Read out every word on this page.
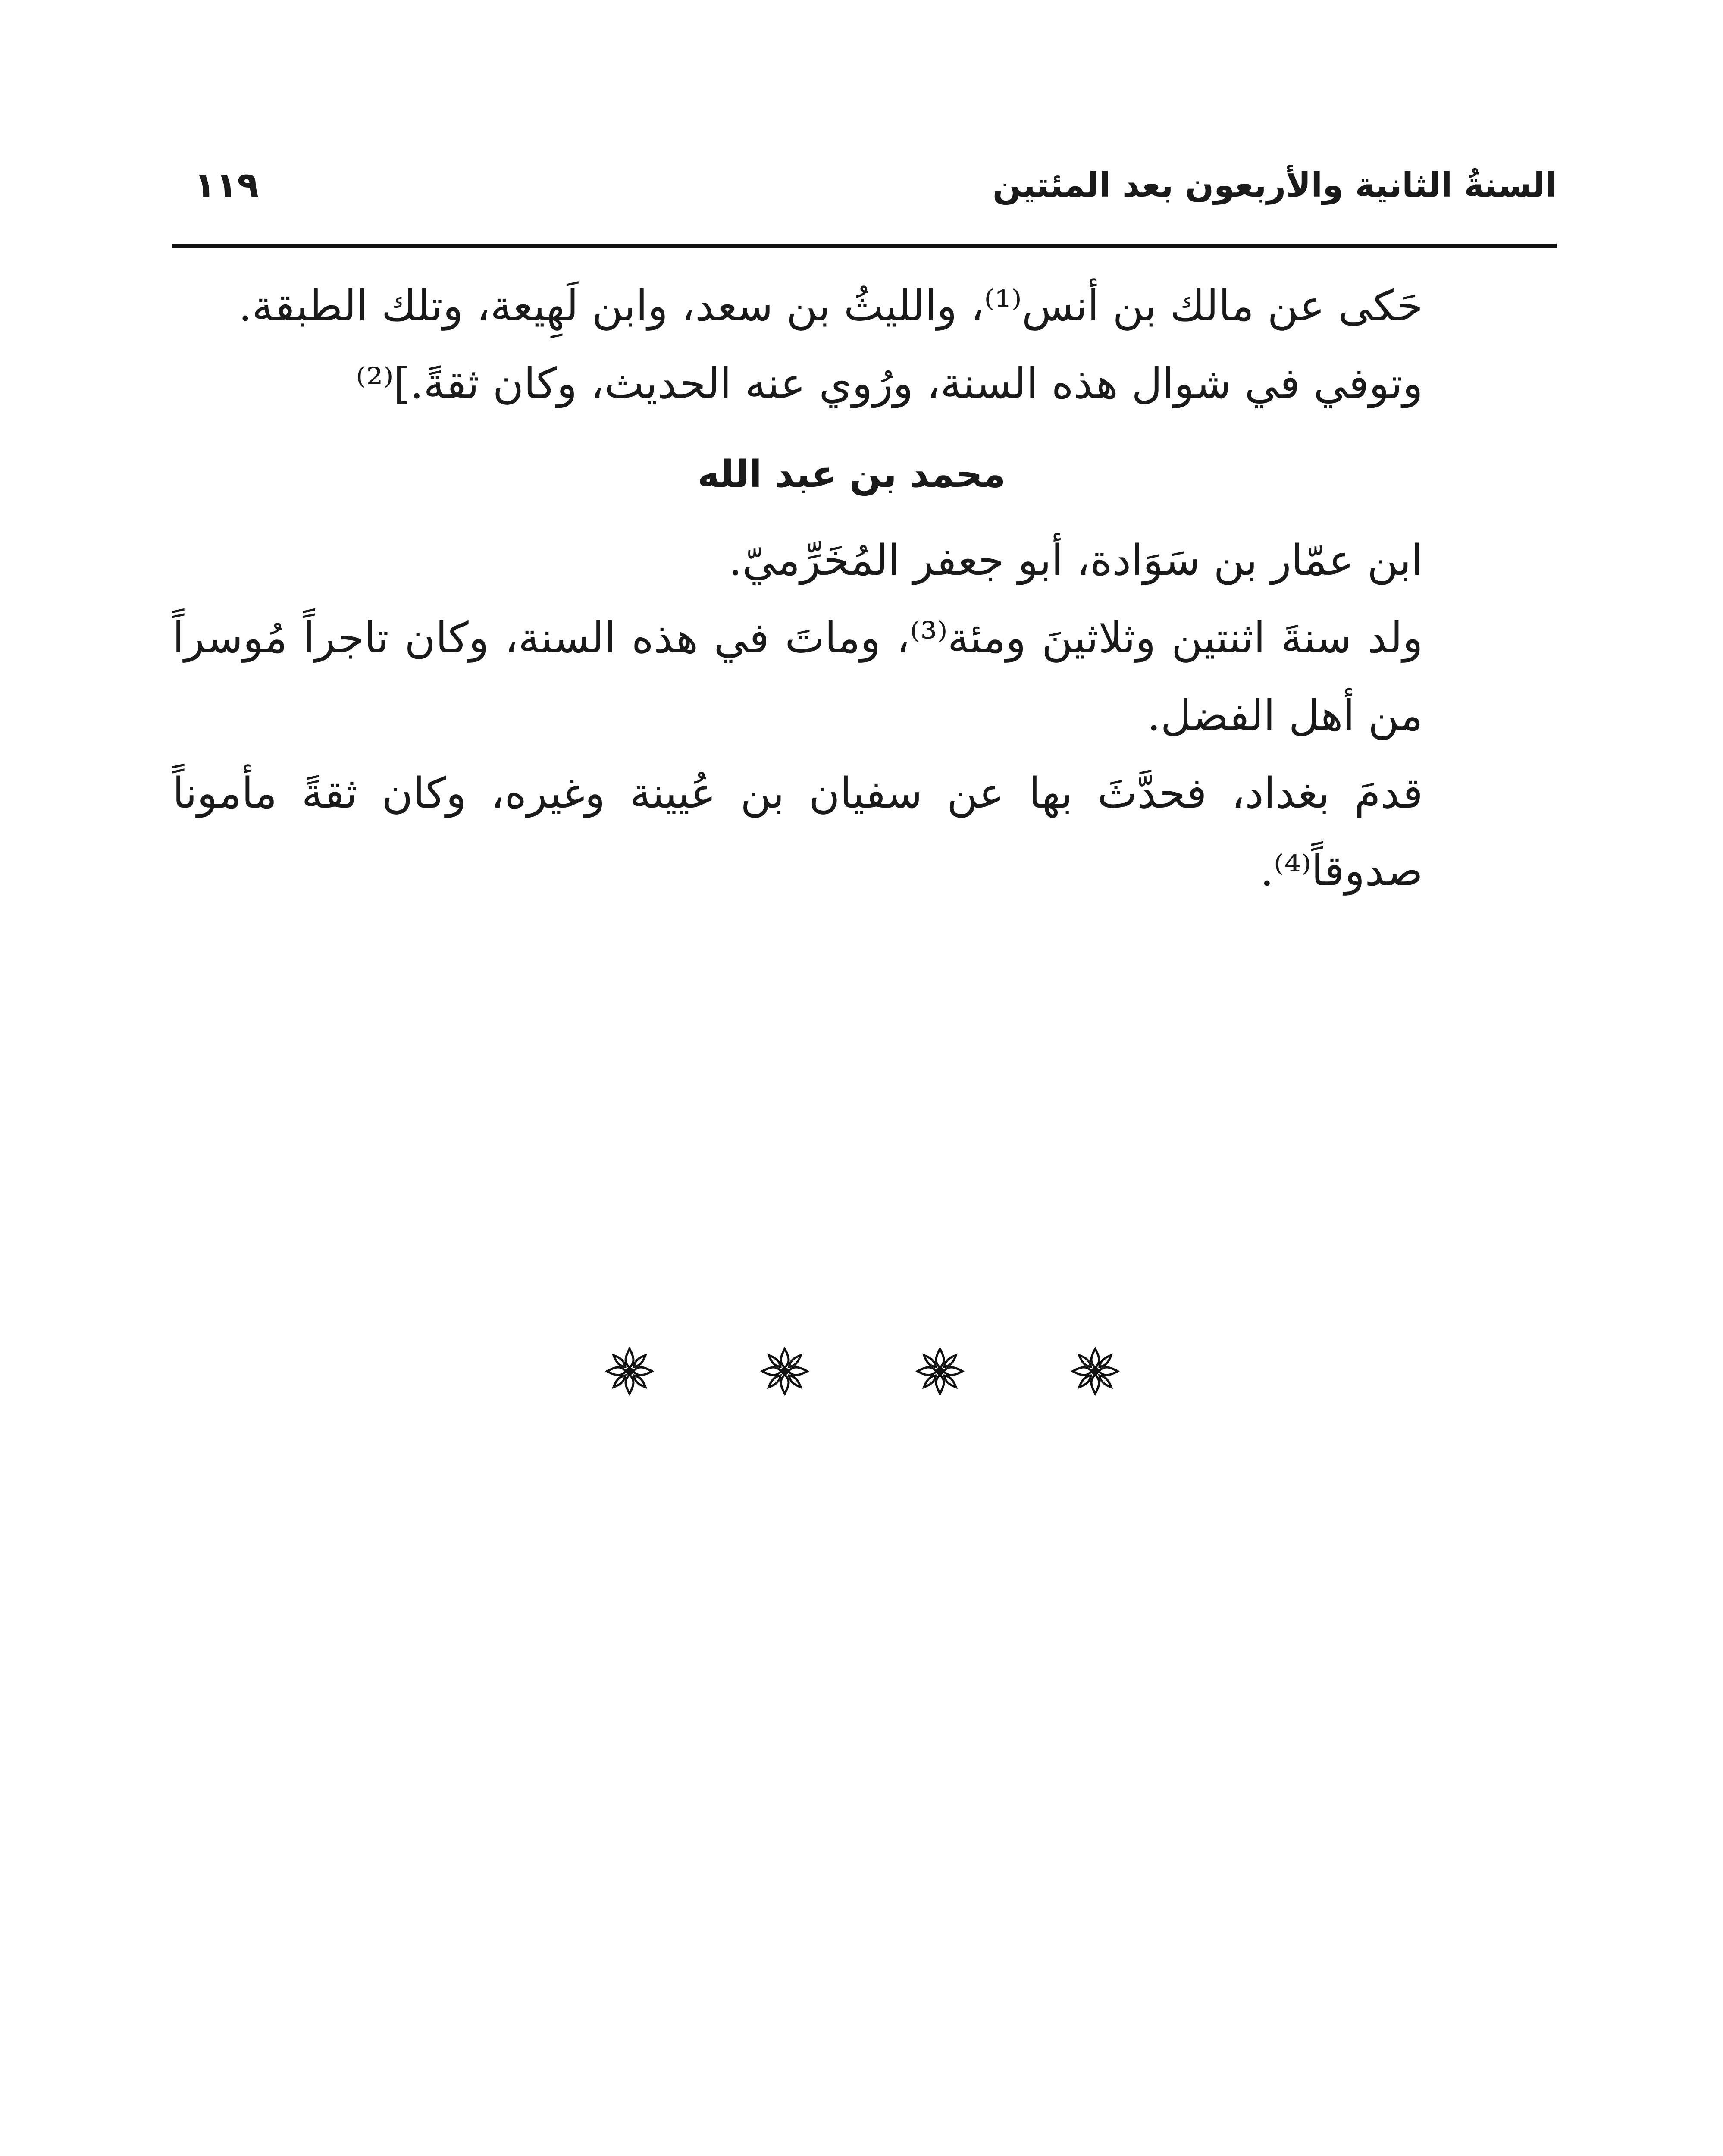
السنةُ الثانية والأربعون بعد المئتين
١١٩

حَكى عن مالك بن أنس⁽¹⁾، والليثُ بن سعد، وابن لَهِيعة، وتلك الطبقة.

وتوفي في شوال هذه السنة، ورُوي عنه الحديث، وكان ثقةً.]⁽²⁾

محمد بن عبد الله

ابن عمّار بن سَوَادة، أبو جعفر المُخَرِّميّ.

ولد سنةَ اثنتين وثلاثينَ ومئة⁽³⁾، وماتَ في هذه السنة، وكان تاجراً مُوسراً من أهل الفضل.

قدمَ بغداد، فحدَّثَ بها عن سفيان بن عُيينة وغيره، وكان ثقةً مأموناً صدوقاً⁽⁴⁾.
